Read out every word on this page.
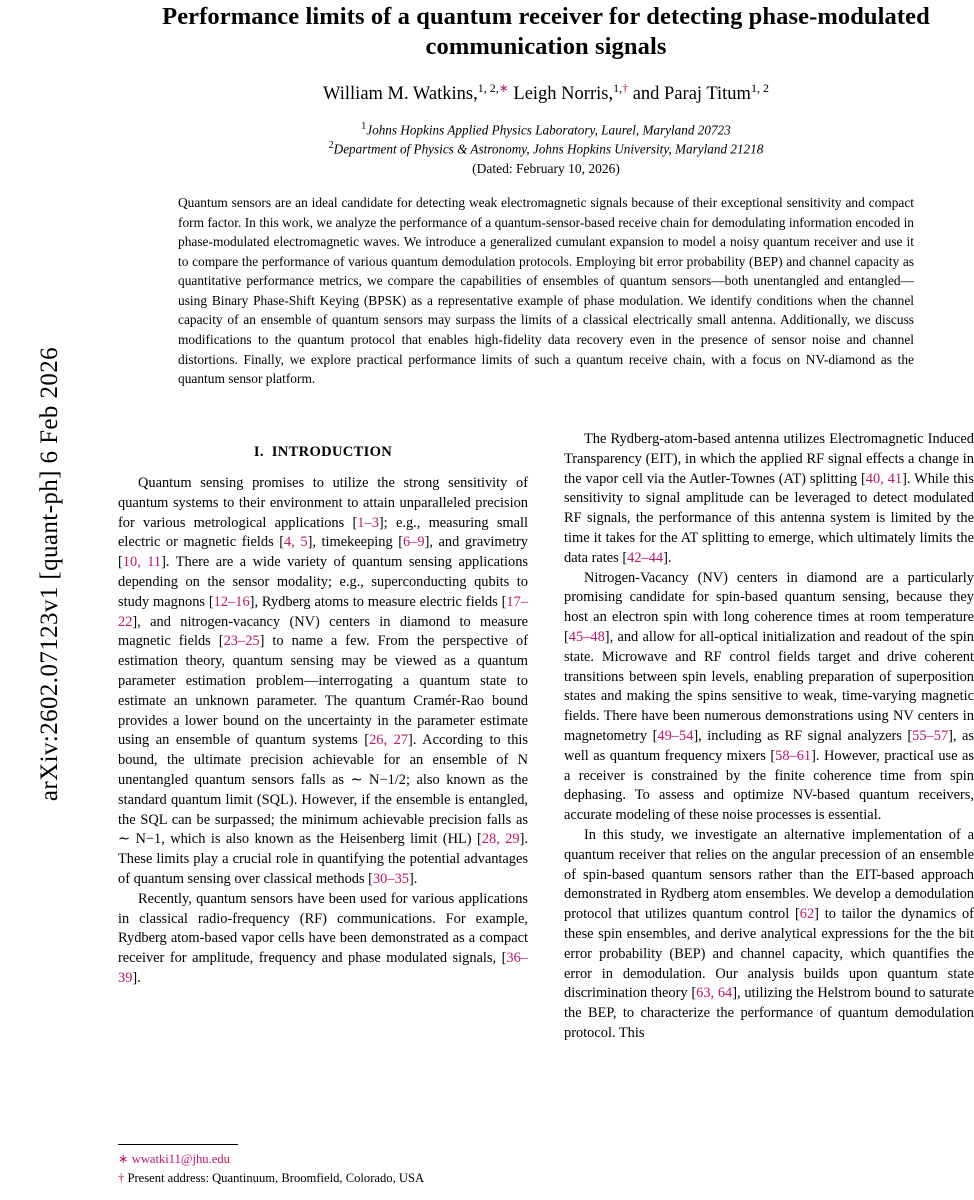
arXiv:2602.07123v1 [quant-ph] 6 Feb 2026
Performance limits of a quantum receiver for detecting phase-modulated communication signals
William M. Watkins,$^{1, 2,∗}$ Leigh Norris,$^{1,\dagger}$ and Paraj Titum$^{1, 2}$
$^1$Johns Hopkins Applied Physics Laboratory, Laurel, Maryland 20723
$^2$Department of Physics & Astronomy, Johns Hopkins University, Maryland 21218
(Dated: February 10, 2026)
Quantum sensors are an ideal candidate for detecting weak electromagnetic signals because of their exceptional sensitivity and compact form factor. In this work, we analyze the performance of a quantum-sensor-based receive chain for demodulating information encoded in phase-modulated electromagnetic waves. We introduce a generalized cumulant expansion to model a noisy quantum receiver and use it to compare the performance of various quantum demodulation protocols. Employing bit error probability (BEP) and channel capacity as quantitative performance metrics, we compare the capabilities of ensembles of quantum sensors—both unentangled and entangled—using Binary Phase-Shift Keying (BPSK) as a representative example of phase modulation. We identify conditions when the channel capacity of an ensemble of quantum sensors may surpass the limits of a classical electrically small antenna. Additionally, we discuss modifications to the quantum protocol that enables high-fidelity data recovery even in the presence of sensor noise and channel distortions. Finally, we explore practical performance limits of such a quantum receive chain, with a focus on NV-diamond as the quantum sensor platform.
I. INTRODUCTION

Quantum sensing promises to utilize the strong sensitivity of quantum systems to their environment to attain unparalleled precision for various metrological applications [1–3]; e.g., measuring small electric or magnetic fields [4, 5], timekeeping [6–9], and gravimetry [10, 11]. There are a wide variety of quantum sensing applications depending on the sensor modality; e.g., superconducting qubits to study magnons [12–16], Rydberg atoms to measure electric fields [17–22], and nitrogen-vacancy (NV) centers in diamond to measure magnetic fields [23–25] to name a few. From the perspective of estimation theory, quantum sensing may be viewed as a quantum parameter estimation problem—interrogating a quantum state to estimate an unknown parameter. The quantum Cramér-Rao bound provides a lower bound on the uncertainty in the parameter estimate using an ensemble of quantum systems [26, 27]. According to this bound, the ultimate precision achievable for an ensemble of N unentangled quantum sensors falls as ∼ N−1/2; also known as the standard quantum limit (SQL). However, if the ensemble is entangled, the SQL can be surpassed; the minimum achievable precision falls as ∼ N−1, which is also known as the Heisenberg limit (HL) [28, 29]. These limits play a crucial role in quantifying the potential advantages of quantum sensing over classical methods [30–35].

Recently, quantum sensors have been used for various applications in classical radio-frequency (RF) communications. For example, Rydberg atom-based vapor cells have been demonstrated as a compact receiver for amplitude, frequency and phase modulated signals, [36–39].

The Rydberg-atom-based antenna utilizes Electromagnetic Induced Transparency (EIT), in which the applied RF signal effects a change in the vapor cell via the Autler-Townes (AT) splitting [40, 41]. While this sensitivity to signal amplitude can be leveraged to detect modulated RF signals, the performance of this antenna system is limited by the time it takes for the AT splitting to emerge, which ultimately limits the data rates [42–44].

Nitrogen-Vacancy (NV) centers in diamond are a particularly promising candidate for spin-based quantum sensing, because they host an electron spin with long coherence times at room temperature [45–48], and allow for all-optical initialization and readout of the spin state. Microwave and RF control fields target and drive coherent transitions between spin levels, enabling preparation of superposition states and making the spins sensitive to weak, time-varying magnetic fields. There have been numerous demonstrations using NV centers in magnetometry [49–54], including as RF signal analyzers [55–57], as well as quantum frequency mixers [58–61]. However, practical use as a receiver is constrained by the finite coherence time from spin dephasing. To assess and optimize NV-based quantum receivers, accurate modeling of these noise processes is essential.

In this study, we investigate an alternative implementation of a quantum receiver that relies on the angular precession of an ensemble of spin-based quantum sensors rather than the EIT-based approach demonstrated in Rydberg atom ensembles. We develop a demodulation protocol that utilizes quantum control [62] to tailor the dynamics of these spin ensembles, and derive analytical expressions for the the bit error probability (BEP) and channel capacity, which quantifies the error in demodulation. Our analysis builds upon quantum state discrimination theory [63, 64], utilizing the Helstrom bound to saturate the BEP, to characterize the performance of quantum demodulation protocol. This

∗ wwatki11@jhu.edu
† Present address: Quantinuum, Broomfield, Colorado, USA
